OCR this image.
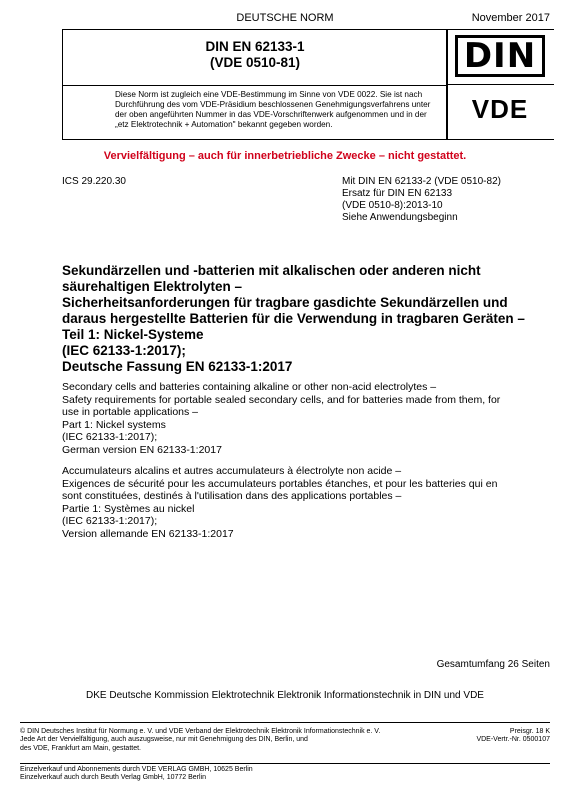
DEUTSCHE NORM	November 2017
DIN EN 62133-1
(VDE 0510-81)
Diese Norm ist zugleich eine VDE-Bestimmung im Sinne von VDE 0022. Sie ist nach
Durchführung des vom VDE-Präsidium beschlossenen Genehmigungsverfahrens unter
der oben angeführten Nummer in das VDE-Vorschriftenwerk aufgenommen und in der
„etz Elektrotechnik + Automation" bekannt gegeben worden.
DIN
VDE
Vervielfältigung – auch für innerbetriebliche Zwecke – nicht gestattet.
ICS 29.220.30	Mit DIN EN 62133-2 (VDE 0510-82)
Ersatz für DIN EN 62133
(VDE 0510-8):2013-10
Siehe Anwendungsbeginn
Sekundärzellen und -batterien mit alkalischen oder anderen nicht
säurehaltigen Elektrolyten –
Sicherheitsanforderungen für tragbare gasdichte Sekundärzellen und
daraus hergestellte Batterien für die Verwendung in tragbaren Geräten –
Teil 1: Nickel-Systeme
(IEC 62133-1:2017);
Deutsche Fassung EN 62133-1:2017
Secondary cells and batteries containing alkaline or other non-acid electrolytes –
Safety requirements for portable sealed secondary cells, and for batteries made from them, for
use in portable applications –
Part 1: Nickel systems
(IEC 62133-1:2017);
German version EN 62133-1:2017
Accumulateurs alcalins et autres accumulateurs à électrolyte non acide –
Exigences de sécurité pour les accumulateurs portables étanches, et pour les batteries qui en
sont constituées, destinés à l'utilisation dans des applications portables –
Partie 1: Systèmes au nickel
(IEC 62133-1:2017);
Version allemande EN 62133-1:2017
Gesamtumfang 26 Seiten
DKE Deutsche Kommission Elektrotechnik Elektronik Informationstechnik in DIN und VDE
© DIN Deutsches Institut für Normung e. V. und VDE Verband der Elektrotechnik Elektronik Informationstechnik e. V.
Jede Art der Vervielfältigung, auch auszugsweise, nur mit Genehmigung des DIN, Berlin, und
des VDE, Frankfurt am Main, gestattet.
Preisgr. 18 K
VDE-Vertr.-Nr. 0500107
Einzelverkauf und Abonnements durch VDE VERLAG GMBH, 10625 Berlin
Einzelverkauf auch durch Beuth Verlag GmbH, 10772 Berlin
